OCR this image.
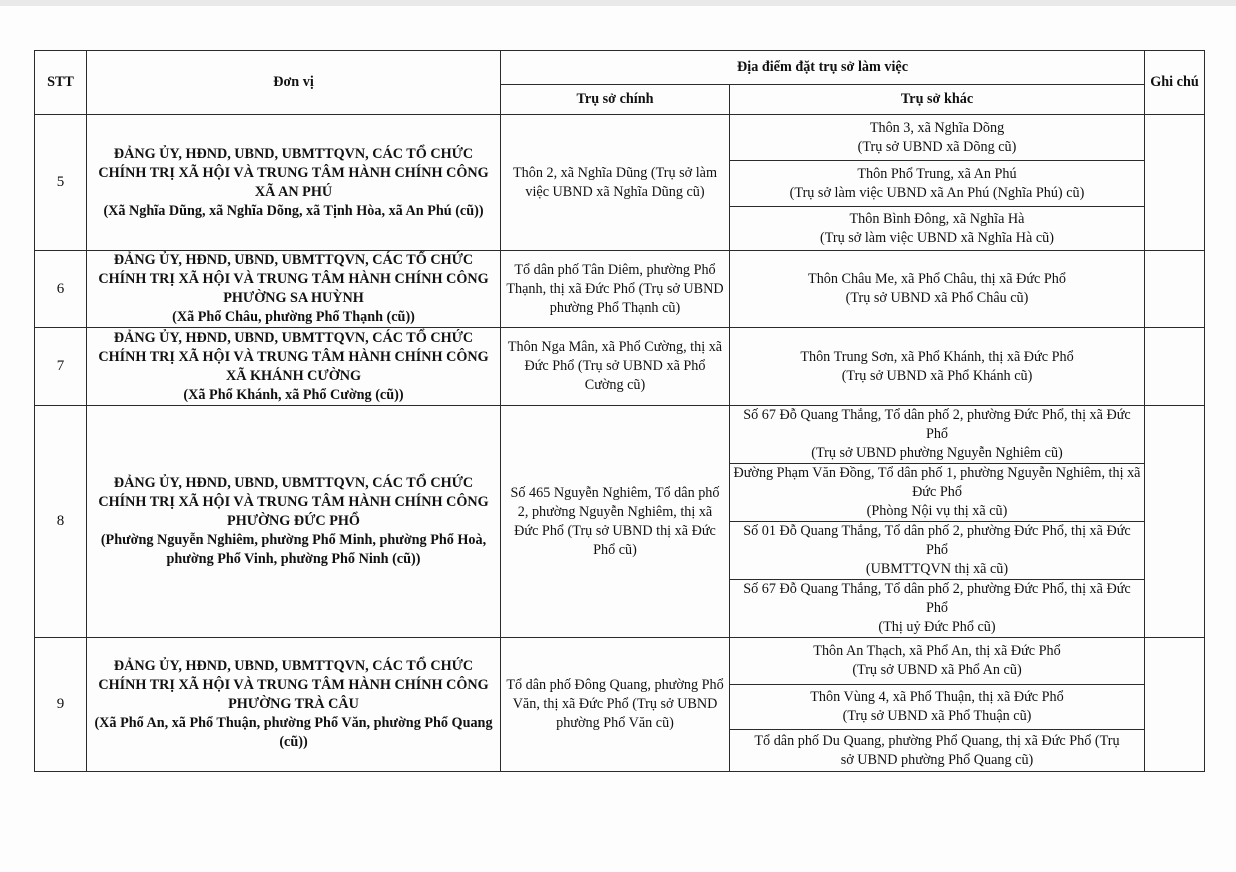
STT	Đơn vị	Địa điểm đặt trụ sở làm việc		Ghi chú
		Trụ sở chính	Trụ sở khác	
5	ĐẢNG ỦY, HĐND, UBND, UBMTTQVN, CÁC TỔ CHỨC CHÍNH TRỊ XÃ HỘI VÀ TRUNG TÂM HÀNH CHÍNH CÔNG XÃ AN PHÚ
(Xã Nghĩa Dũng, xã Nghĩa Dõng, xã Tịnh Hòa, xã An Phú (cũ))	Thôn 2, xã Nghĩa Dũng (Trụ sở làm việc UBND xã Nghĩa Dũng cũ)	Thôn 3, xã Nghĩa Dõng
(Trụ sở UBND xã Dõng cũ)	

			Thôn Phổ Trung, xã An Phú
(Trụ sở làm việc UBND xã An Phú (Nghĩa Phú) cũ)	

			Thôn Bình Đông, xã Nghĩa Hà
(Trụ sở làm việc UBND xã Nghĩa Hà cũ)	

6	ĐẢNG ỦY, HĐND, UBND, UBMTTQVN, CÁC TỔ CHỨC CHÍNH TRỊ XÃ HỘI VÀ TRUNG TÂM HÀNH CHÍNH CÔNG PHƯỜNG SA HUỲNH
(Xã Phổ Châu, phường Phổ Thạnh (cũ))	Tổ dân phố Tân Diêm, phường Phổ Thạnh, thị xã Đức Phổ (Trụ sở UBND phường Phổ Thạnh cũ)	Thôn Châu Me, xã Phổ Châu, thị xã Đức Phổ
(Trụ sở UBND xã Phổ Châu cũ)	

7	ĐẢNG ỦY, HĐND, UBND, UBMTTQVN, CÁC TỔ CHỨC CHÍNH TRỊ XÃ HỘI VÀ TRUNG TÂM HÀNH CHÍNH CÔNG XÃ KHÁNH CƯỜNG
(Xã Phổ Khánh, xã Phổ Cường (cũ))	Thôn Nga Mân, xã Phổ Cường, thị xã Đức Phổ (Trụ sở UBND xã Phổ Cường cũ)	Thôn Trung Sơn, xã Phổ Khánh, thị xã Đức Phổ
(Trụ sở UBND xã Phổ Khánh cũ)	

8	ĐẢNG ỦY, HĐND, UBND, UBMTTQVN, CÁC TỔ CHỨC CHÍNH TRỊ XÃ HỘI VÀ TRUNG TÂM HÀNH CHÍNH CÔNG PHƯỜNG ĐỨC PHỔ
(Phường Nguyễn Nghiêm, phường Phổ Minh, phường Phổ Hoà, phường Phổ Vinh, phường Phổ Ninh (cũ))	Số 465 Nguyễn Nghiêm, Tổ dân phố 2, phường Nguyễn Nghiêm, thị xã Đức Phổ (Trụ sở UBND thị xã Đức Phổ cũ)	Số 67 Đỗ Quang Thắng, Tổ dân phố 2, phường Đức Phổ, thị xã Đức Phổ
(Trụ sở UBND phường Nguyễn Nghiêm cũ)	

			Đường Phạm Văn Đồng, Tổ dân phố 1, phường Nguyễn Nghiêm, thị xã Đức Phổ
(Phòng Nội vụ thị xã cũ)	

			Số 01 Đỗ Quang Thắng, Tổ dân phố 2, phường Đức Phổ, thị xã Đức Phổ
(UBMTTQVN thị xã cũ)	

			Số 67 Đỗ Quang Thắng, Tổ dân phố 2, phường Đức Phổ, thị xã Đức Phổ
(Thị uỷ Đức Phổ cũ)	

9	ĐẢNG ỦY, HĐND, UBND, UBMTTQVN, CÁC TỔ CHỨC CHÍNH TRỊ XÃ HỘI VÀ TRUNG TÂM HÀNH CHÍNH CÔNG PHƯỜNG TRÀ CÂU
(Xã Phổ An, xã Phổ Thuận, phường Phổ Văn, phường Phổ Quang (cũ))	Tổ dân phố Đông Quang, phường Phổ Văn, thị xã Đức Phổ (Trụ sở UBND phường Phổ Văn cũ)	Thôn An Thạch, xã Phổ An, thị xã Đức Phổ
(Trụ sở UBND xã Phổ An cũ)	

			Thôn Vùng 4, xã Phổ Thuận, thị xã Đức Phổ
(Trụ sở UBND xã Phổ Thuận cũ)	

			Tổ dân phố Du Quang, phường Phổ Quang, thị xã Đức Phổ (Trụ
sở UBND phường Phổ Quang cũ)	
